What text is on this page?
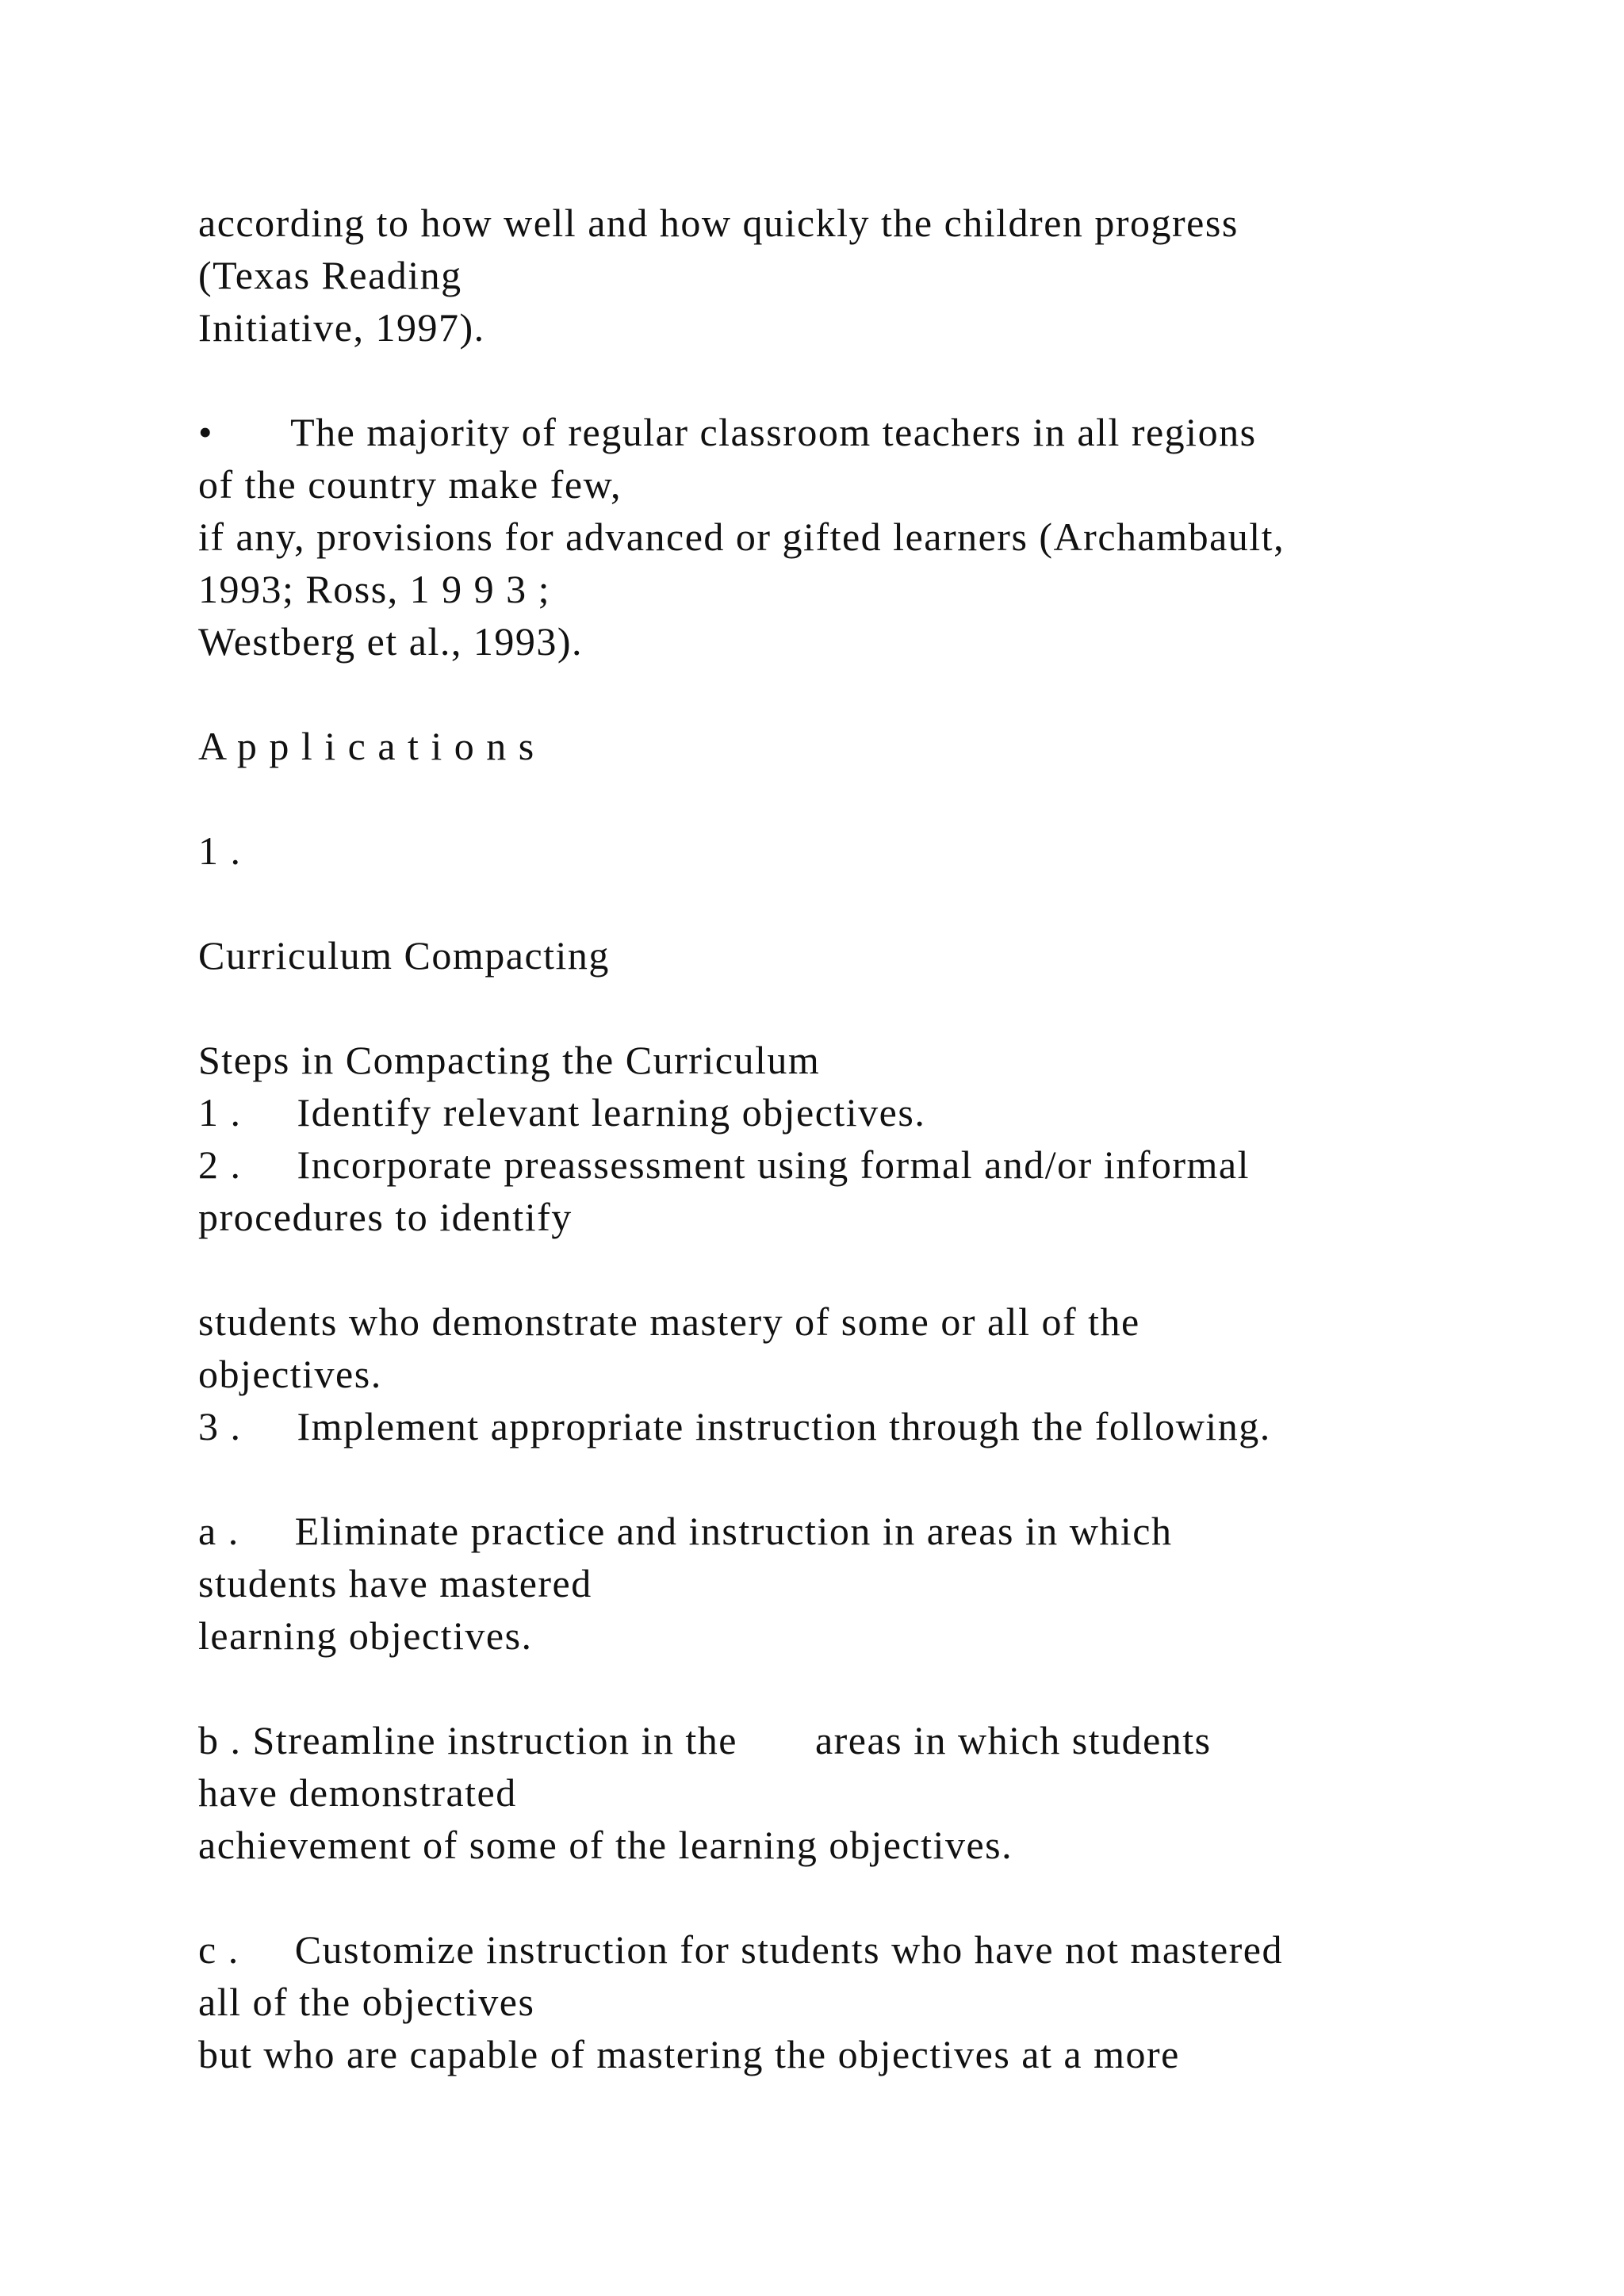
according to how well and how quickly the children progress
(Texas Reading
Initiative, 1997).
•       The majority of regular classroom teachers in all regions
of the country make few,
if any, provisions for advanced or gifted learners (Archambault,
1993; Ross, 1 9 9 3 ;
Westberg et al., 1993).
A p p l i c a t i o n s
1 .
Curriculum Compacting
Steps in Compacting the Curriculum
1 .     Identify relevant learning objectives.
2 .     Incorporate preassessment using formal and/or informal
procedures to identify
students who demonstrate mastery of some or all of the
objectives.
3 .     Implement appropriate instruction through the following.
a .     Eliminate practice and instruction in areas in which
students have mastered
learning objectives.
b . Streamline instruction in the       areas in which students
have demonstrated
achievement of some of the learning objectives.
c .     Customize instruction for students who have not mastered
all of the objectives
but who are capable of mastering the objectives at a more
